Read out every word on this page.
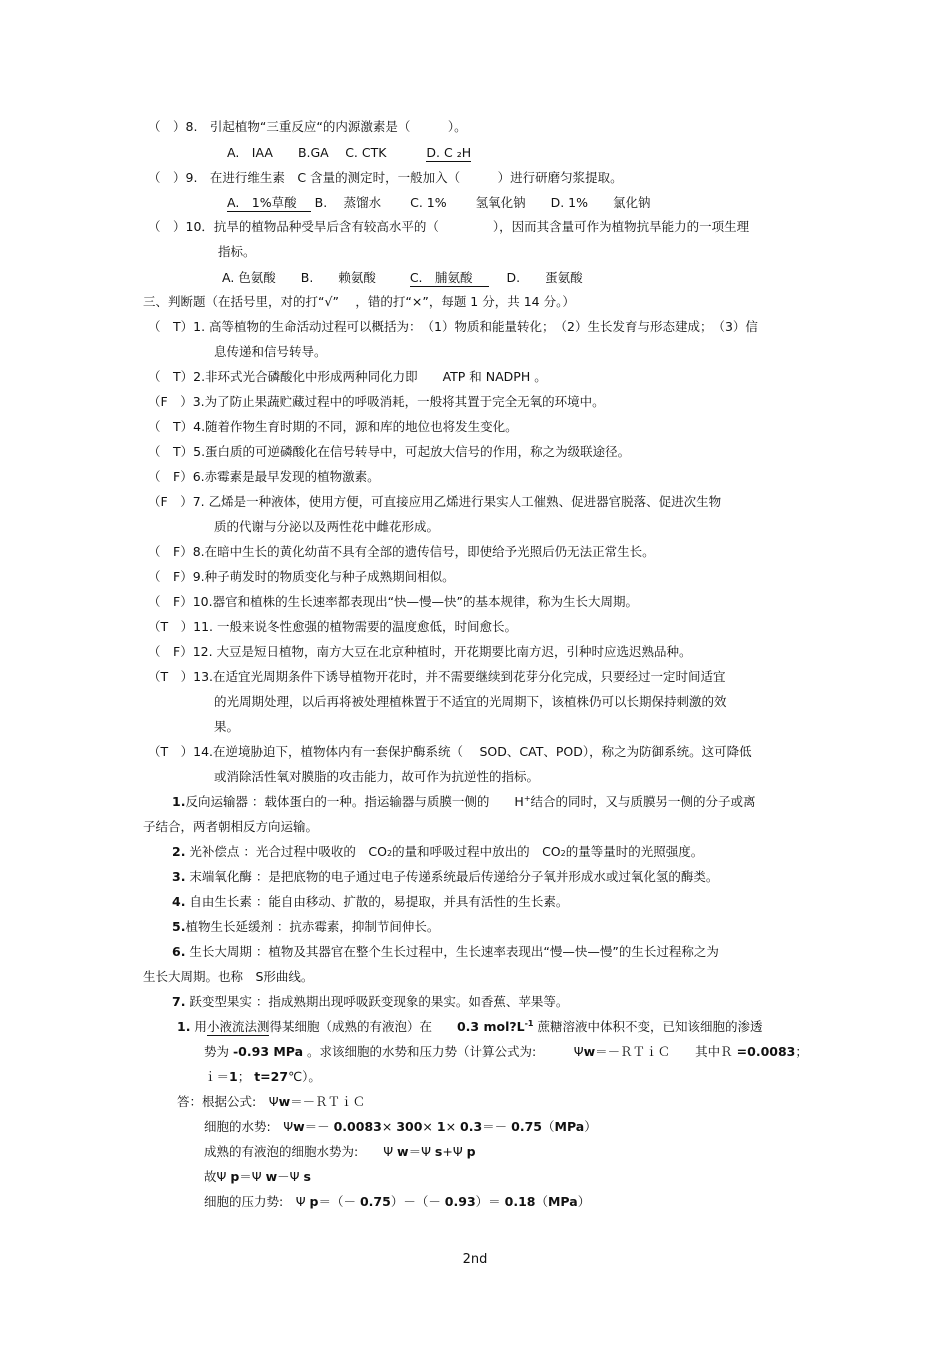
（　）8.　引起植物“三重反应“的内源激素是（　　　）。
A.　IAA　　B.GA　 C. CTK	D. C ₂H
（　）9.　在进行维生素　C 含量的测定时，一般加入（　　　）进行研磨匀浆提取。
A.　1%草酸 B.　 蒸馏水　　 C. 1%　　 氢氧化钠　　D. 1%　　氯化钠
（　）10．抗旱的植物品种受旱后含有较高水平的（　　　　 ），因而其含量可作为植物抗旱能力的一项生理
指标。
A. 色氨酸　　B.　　赖氨酸	C.　脯氨酸	D.　　蛋氨酸
三、判断题（在括号里，对的打“√”　 ，错的打“×”，每题 1 分，共 14 分。）
（　T）1. 高等植物的生命活动过程可以概括为：　（1）物质和能量转化；　（2）生长发育与形态建成；　（3）信
息传递和信号转导。
（　T）2.非环式光合磷酸化中形成两种同化力即　　ATP 和 NADPH 。
（F　）3.为了防止果蔬贮藏过程中的呼吸消耗，一般将其置于完全无氧的环境中。
（　T）4.随着作物生育时期的不同，源和库的地位也将发生变化。
（　T）5.蛋白质的可逆磷酸化在信号转导中，可起放大信号的作用，称之为级联途径。
（　F）6.赤霉素是最早发现的植物激素。
（F　）7. 乙烯是一种液体，使用方便，可直接应用乙烯进行果实人工催熟、促进器官脱落、促进次生物
质的代谢与分泌以及两性花中雌花形成。
（　F）8.在暗中生长的黄化幼苗不具有全部的遗传信号，即使给予光照后仍无法正常生长。
（　F）9.种子萌发时的物质变化与种子成熟期间相似。
（　F）10.器官和植株的生长速率都表现出“快—慢—快”的基本规律，称为生长大周期。
（T　）11. 一般来说冬性愈强的植物需要的温度愈低，时间愈长。
（　F）12. 大豆是短日植物，南方大豆在北京种植时，开花期要比南方迟，引种时应选迟熟品种。
（T　）13.在适宜光周期条件下诱导植物开花时，并不需要继续到花芽分化完成，只要经过一定时间适宜
的光周期处理，以后再将被处理植株置于不适宜的光周期下，该植株仍可以长期保持刺激的效
果。
（T　）14.在逆境胁迫下，植物体内有一套保护酶系统（　 SOD、CAT、POD），称之为防御系统。这可降低
或消除活性氧对膜脂的攻击能力，故可作为抗逆性的指标。
1.反向运输器 ：载体蛋白的一种。指运输器与质膜一侧的　　H+结合的同时，又与质膜另一侧的分子或离
子结合，两者朝相反方向运输。
2. 光补偿点 ：光合过程中吸收的　CO2的量和呼吸过程中放出的　CO2的量等量时的光照强度。
3. 末端氧化酶 ：是把底物的电子通过电子传递系统最后传递给分子氧并形成水或过氧化氢的酶类。
4. 自由生长素 ：能自由移动、扩散的，易提取，并具有活性的生长素。
5.植物生长延缓剂 ：抗赤霉素，抑制节间伸长。
6. 生长大周期 ：植物及其器官在整个生长过程中，生长速率表现出“慢—快—慢”的生长过程称之为
生长大周期。也称　S形曲线。
7. 跃变型果实 ：指成熟期出现呼吸跃变现象的果实。如香蕉、苹果等。
1. 用小液流法测得某细胞（成熟的有液泡）在　　0.3 $mol?L^{-1}$ 蔗糖溶液中体积不变，已知该细胞的渗透
势为 -0.93 MPa 。求该细胞的水势和压力势（计算公式为:　　　Ψw＝－ＲＴｉＣ　　其中Ｒ =0.0083；
ｉ＝1； t=27℃）。
答：根据公式:　Ψw＝－ＲＴｉＣ
细胞的水势:　Ψw＝－ 0.0083× 300× 1× 0.3＝－ 0.75（MPa）
成熟的有液泡的细胞水势为:　　Ψ w＝Ψ s+Ψ p
故Ψ p＝Ψ w－Ψ s
细胞的压力势:　Ψ p＝（－ 0.75）－（－ 0.93）＝ 0.18（MPa）
2nd
